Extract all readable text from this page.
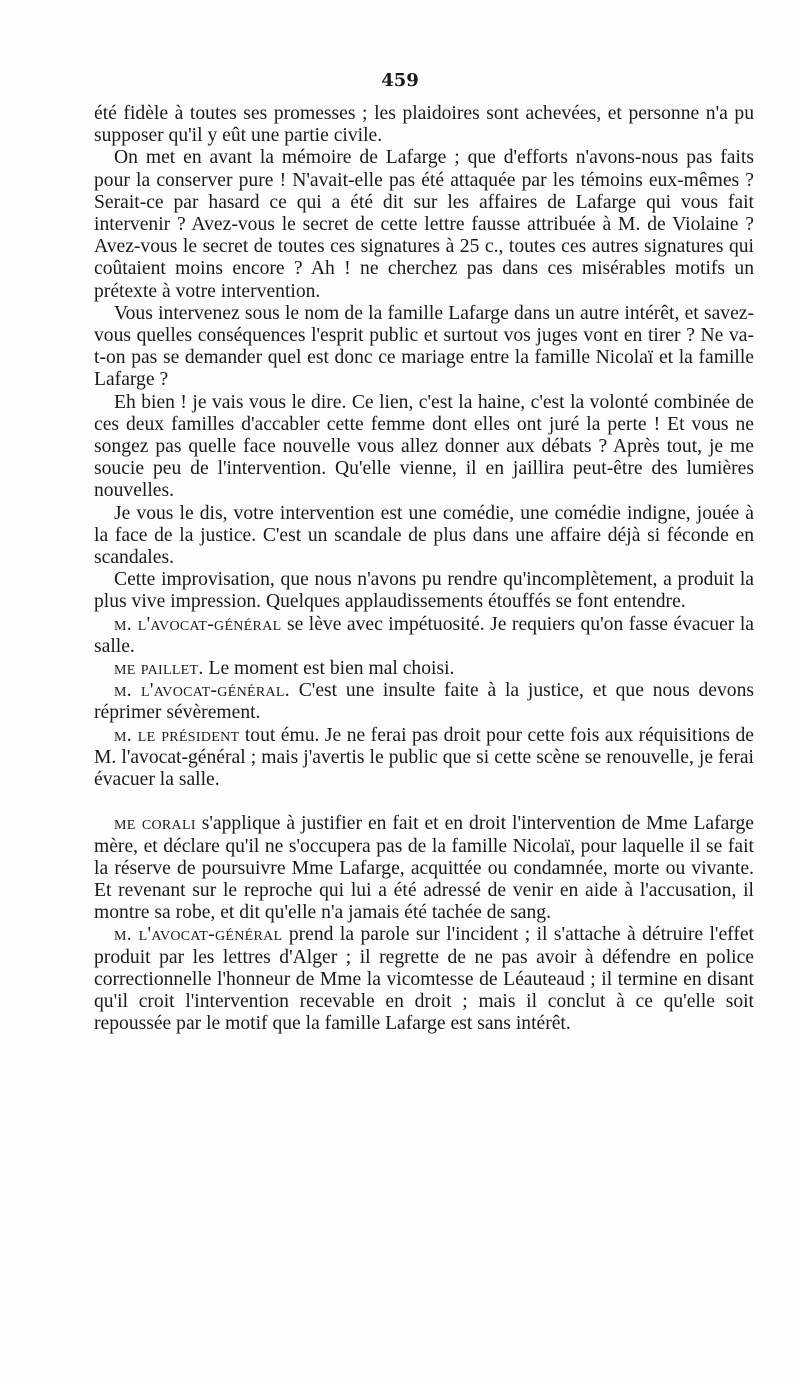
459

été fidèle à toutes ses promesses ; les plaidoires sont achevées, et personne n'a pu supposer qu'il y eût une partie civile.

On met en avant la mémoire de Lafarge ; que d'efforts n'avons-nous pas faits pour la conserver pure ! N'avait-elle pas été attaquée par les témoins eux-mêmes ? Serait-ce par hasard ce qui a été dit sur les affaires de Lafarge qui vous fait intervenir ? Avez-vous le secret de cette lettre fausse attribuée à M. de Violaine ? Avez-vous le secret de toutes ces signatures à 25 c., toutes ces autres signatures qui coûtaient moins encore ? Ah ! ne cherchez pas dans ces misérables motifs un prétexte à votre intervention.

Vous intervenez sous le nom de la famille Lafarge dans un autre intérêt, et savez-vous quelles conséquences l'esprit public et surtout vos juges vont en tirer ? Ne va-t-on pas se demander quel est donc ce mariage entre la famille Nicolaï et la famille Lafarge ?

Eh bien ! je vais vous le dire. Ce lien, c'est la haine, c'est la volonté combinée de ces deux familles d'accabler cette femme dont elles ont juré la perte ! Et vous ne songez pas quelle face nouvelle vous allez donner aux débats ? Après tout, je me soucie peu de l'intervention. Qu'elle vienne, il en jaillira peut-être des lumières nouvelles.

Je vous le dis, votre intervention est une comédie, une comédie indigne, jouée à la face de la justice. C'est un scandale de plus dans une affaire déjà si féconde en scandales.

Cette improvisation, que nous n'avons pu rendre qu'incomplètement, a produit la plus vive impression. Quelques applaudissements étouffés se font entendre.

m. l'avocat-général se lève avec impétuosité. Je requiers qu'on fasse évacuer la salle.

me paillet. Le moment est bien mal choisi.

m. l'avocat-général. C'est une insulte faite à la justice, et que nous devons réprimer sévèrement.

m. le président tout ému. Je ne ferai pas droit pour cette fois aux réquisitions de M. l'avocat-général ; mais j'avertis le public que si cette scène se renouvelle, je ferai évacuer la salle.

me corali s'applique à justifier en fait et en droit l'intervention de Mme Lafarge mère, et déclare qu'il ne s'occupera pas de la famille Nicolaï, pour laquelle il se fait la réserve de poursuivre Mme Lafarge, acquittée ou condamnée, morte ou vivante. Et revenant sur le reproche qui lui a été adressé de venir en aide à l'accusation, il montre sa robe, et dit qu'elle n'a jamais été tachée de sang.

m. l'avocat-général prend la parole sur l'incident ; il s'attache à détruire l'effet produit par les lettres d'Alger ; il regrette de ne pas avoir à défendre en police correctionnelle l'honneur de Mme la vicomtesse de Léauteaud ; il termine en disant qu'il croit l'intervention recevable en droit ; mais il conclut à ce qu'elle soit repoussée par le motif que la famille Lafarge est sans intérêt.
